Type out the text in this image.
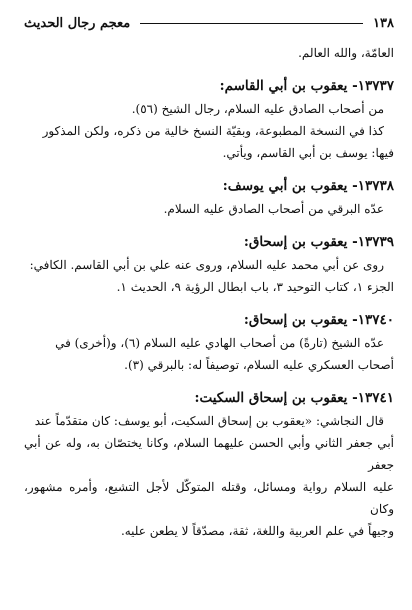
١٣٨
معجم رجال الحديث
العامّة، والله العالم.
١٣٧٣٧- يعقوب بن أبي القاسم:
من أصحاب الصادق عليه السلام، رجال الشيخ (٥٦).
كذا في النسخة المطبوعة، وبقيّة النسخ خالية من ذكره، ولكن المذكور
فيها: يوسف بن أبي القاسم، ويأتي.
١٣٧٣٨- يعقوب بن أبي يوسف:
عدّه البرقي من أصحاب الصادق عليه السلام.
١٣٧٣٩- يعقوب بن إسحاق:
روى عن أبي محمد عليه السلام، وروى عنه علي بن أبي القاسم. الكافي:
الجزء ١، كتاب التوحيد ٣، باب ابطال الرؤية ٩، الحديث ١.
١٣٧٤٠- يعقوب بن إسحاق:
عدّه الشيخ (تارةً) من أصحاب الهادي عليه السلام (٦)، و(أخرى) في
أصحاب العسكري عليه السلام، توصيفاً له: بالبرقي (٣).
١٣٧٤١- يعقوب بن إسحاق السكيت:
قال النجاشي: «يعقوب بن إسحاق السكيت، أبو يوسف: كان متقدّماً عند
أبي جعفر الثاني وأبي الحسن عليهما السلام، وكانا يختصّان به، وله عن أبي جعفر
عليه السلام رواية ومسائل، وقتله المتوكّل لأجل التشيع، وأمره مشهور، وكان
وجيهاً في علم العربية واللغة، ثقة، مصدّقاً لا يطعن عليه.
